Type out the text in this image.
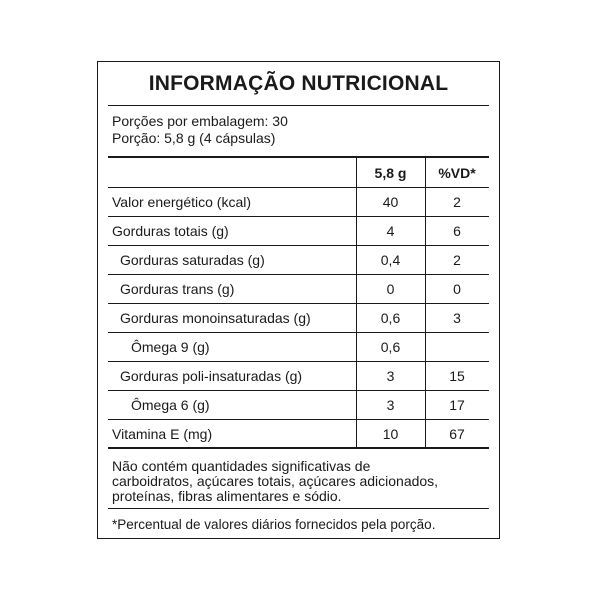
INFORMAÇÃO NUTRICIONAL
Porções por embalagem: 30
Porção: 5,8 g (4 cápsulas)
5,8 g	%VD*
Valor energético (kcal)	40	2
Gorduras totais (g)	4	6
Gorduras saturadas (g)	0,4	2
Gorduras trans (g)	0	0
Gorduras monoinsaturadas (g)	0,6	3
Ômega 9 (g)	0,6
Gorduras poli-insaturadas (g)	3	15
Ômega 6 (g)	3	17
Vitamina E (mg)	10	67
Não contém quantidades significativas de
carboidratos, açúcares totais, açúcares adicionados,
proteínas, fibras alimentares e sódio.
*Percentual de valores diários fornecidos pela porção.
